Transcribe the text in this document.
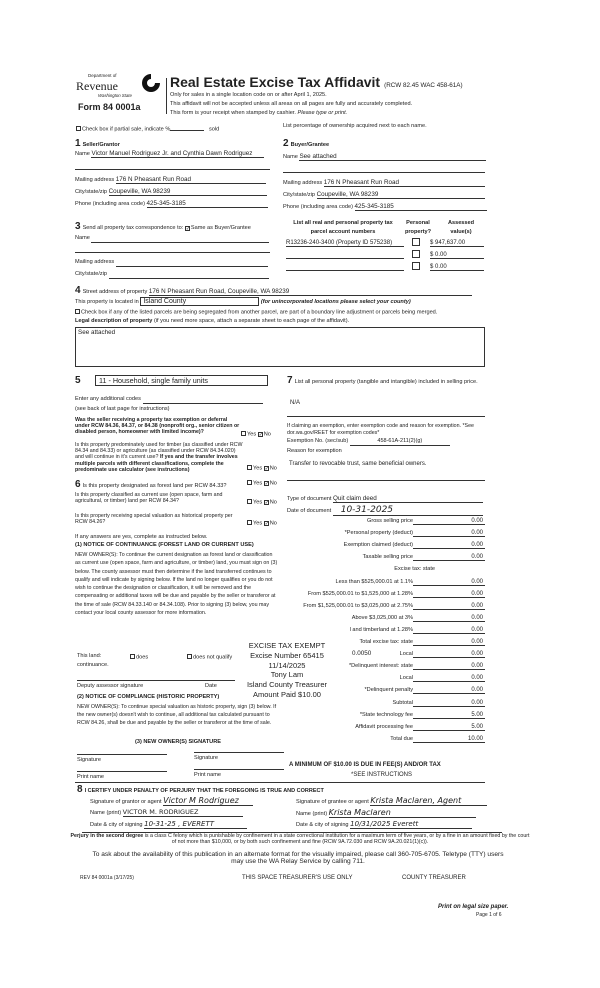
Department of
Revenue
Washington State
Form 84 0001a
Real Estate Excise Tax Affidavit (RCW 82.45 WAC 458-61A)
Only for sales in a single location code on or after April 1, 2025.
This affidavit will not be accepted unless all areas on all pages are fully and accurately completed.
This form is your receipt when stamped by cashier. Please type or print.
Check box if partial sale, indicate %	sold
List percentage of ownership acquired next to each name.
1 Seller/Grantor
Name Victor Manuel Rodriguez Jr. and Cynthia Dawn Rodriguez
Mailing address 176 N Pheasant Run Road
City/state/zip Coupeville, WA 98239
Phone (including area code) 425-345-3185
2 Buyer/Grantee
Name See attached
Mailing address 176 N Pheasant Run Road
City/state/zip Coupeville, WA 98239
Phone (including area code) 425-345-3185
3 Send all property tax correspondence to: ✓Same as Buyer/Grantee
Name
Mailing address
City/state/zip
List all real and personal property tax parcel account numbers
Personal property?
Assessed value(s)
R13236-240-3400 (Property ID 575238)	$ 947,637.00
$ 0.00
$ 0.00
4 Street address of property 176 N Pheasant Run Road, Coupeville, WA 98239
This property is located in Island County	(for unincorporated locations please select your county)
Check box if any of the listed parcels are being segregated from another parcel, are part of a boundary line adjustment or parcels being merged.
Legal description of property (if you need more space, attach a separate sheet to each page of the affidavit).
See attached
5	11 - Household, single family units
Enter any additional codes
(see back of last page for instructions)
Was the seller receiving a property tax exemption or deferral under RCW 84.36, 84.37, or 84.38 (nonprofit org., senior citizen or disabled person, homeowner with limited income)?	Yes ✓No
Is this property predominately used for timber (as classified under RCW 84.34 and 84.33) or agriculture (as classified under RCW 84.34.020) and will continue in it's current use? If yes and the transfer involves multiple parcels with different classifications, complete the predominate use calculator (see instructions)	Yes ✓No
6 Is this property designated as forest land per RCW 84.33?	Yes ✓No
Is this property classified as current use (open space, farm and agricultural, or timber) land per RCW 84.34?	Yes ✓No
Is this property receiving special valuation as historical property per RCW 84.26?	Yes ✓No
If any answers are yes, complete as instructed below.
(1) NOTICE OF CONTINUANCE (FOREST LAND OR CURRENT USE)
NEW OWNER(S): To continue the current designation as forest land or classification as current use (open space, farm and agriculture, or timber) land, you must sign on (3) below. The county assessor must then determine if the land transferred continues to qualify and will indicate by signing below. If the land no longer qualifies or you do not wish to continue the designation or classification, it will be removed and the compensating or additional taxes will be due and payable by the seller or transferor at the time of sale (RCW 84.33.140 or 84.34.108). Prior to signing (3) below, you may contact your local county assessor for more information.
This land:	does	does not qualify
continuance.
Deputy assessor signature	Date
(2) NOTICE OF COMPLIANCE (HISTORIC PROPERTY)
NEW OWNER(S): To continue special valuation as historic property, sign (3) below. If the new owner(s) doesn't wish to continue, all additional tax calculated pursuant to RCW 84.26, shall be due and payable by the seller or transferor at the time of sale.
(3) NEW OWNER(S) SIGNATURE
Signature	Signature
Print name	Print name
7 List all personal property (tangible and intangible) included in selling price.
N/A
If claiming an exemption, enter exemption code and reason for exemption. *See dor.wa.gov/REET for exemption codes*
Exemption No. (sec/sub)	458-61A-211(2)(g)
Reason for exemption
Transfer to revocable trust, same beneficial owners.
Type of document Quit claim deed
Date of document 10-31-2025
Gross selling price	0.00
*Personal property (deduct)	0.00
Exemption claimed (deduct)	0.00
Taxable selling price	0.00
Excise tax: state
Less than $525,000.01 at 1.1%	0.00
From $525,000.01 to $1,525,000 at 1.28%	0.00
From $1,525,000.01 to $3,025,000 at 2.75%	0.00
Above $3,025,000 at 3%	0.00
l and timberland at 1.28%	0.00
Total excise tax: state	0.00
Local	0.00
*Delinquent interest: state	0.00
Local	0.00
*Delinquent penalty	0.00
Subtotal	0.00
*State technology fee	5.00
Affidavit processing fee	5.00
Total due	10.00
0.0050
EXCISE TAX EXEMPT
Excise Number 65415
11/14/2025
Tony Lam
Island County Treasurer
Amount Paid $10.00
A MINIMUM OF $10.00 IS DUE IN FEE(S) AND/OR TAX
*SEE INSTRUCTIONS
8 I CERTIFY UNDER PENALTY OF PERJURY THAT THE FOREGOING IS TRUE AND CORRECT
Signature of grantor or agent Victor M Rodriguez
Name (print) VICTOR M. RODRIGUEZ
Date & city of signing 10-31-25 , EVERETT
Signature of grantee or agent Krista Maclaren, Agent
Name (print) Krista Maclaren
Date & city of signing 10/31/2025 Everett
Perjury in the second degree is a class C felony which is punishable by confinement in a state correctional institution for a maximum term of five years, or by a fine in an amount fixed by the court of not more than $10,000, or by both such confinement and fine (RCW 9A.72.030 and RCW 9A.20.021(1)(c)).
To ask about the availability of this publication in an alternate format for the visually impaired, please call 360-705-6705. Teletype (TTY) users may use the WA Relay Service by calling 711.
REV 84 0001a (3/17/25)	THIS SPACE TREASURER'S USE ONLY	COUNTY TREASURER
Print on legal size paper.
Page 1 of 6
